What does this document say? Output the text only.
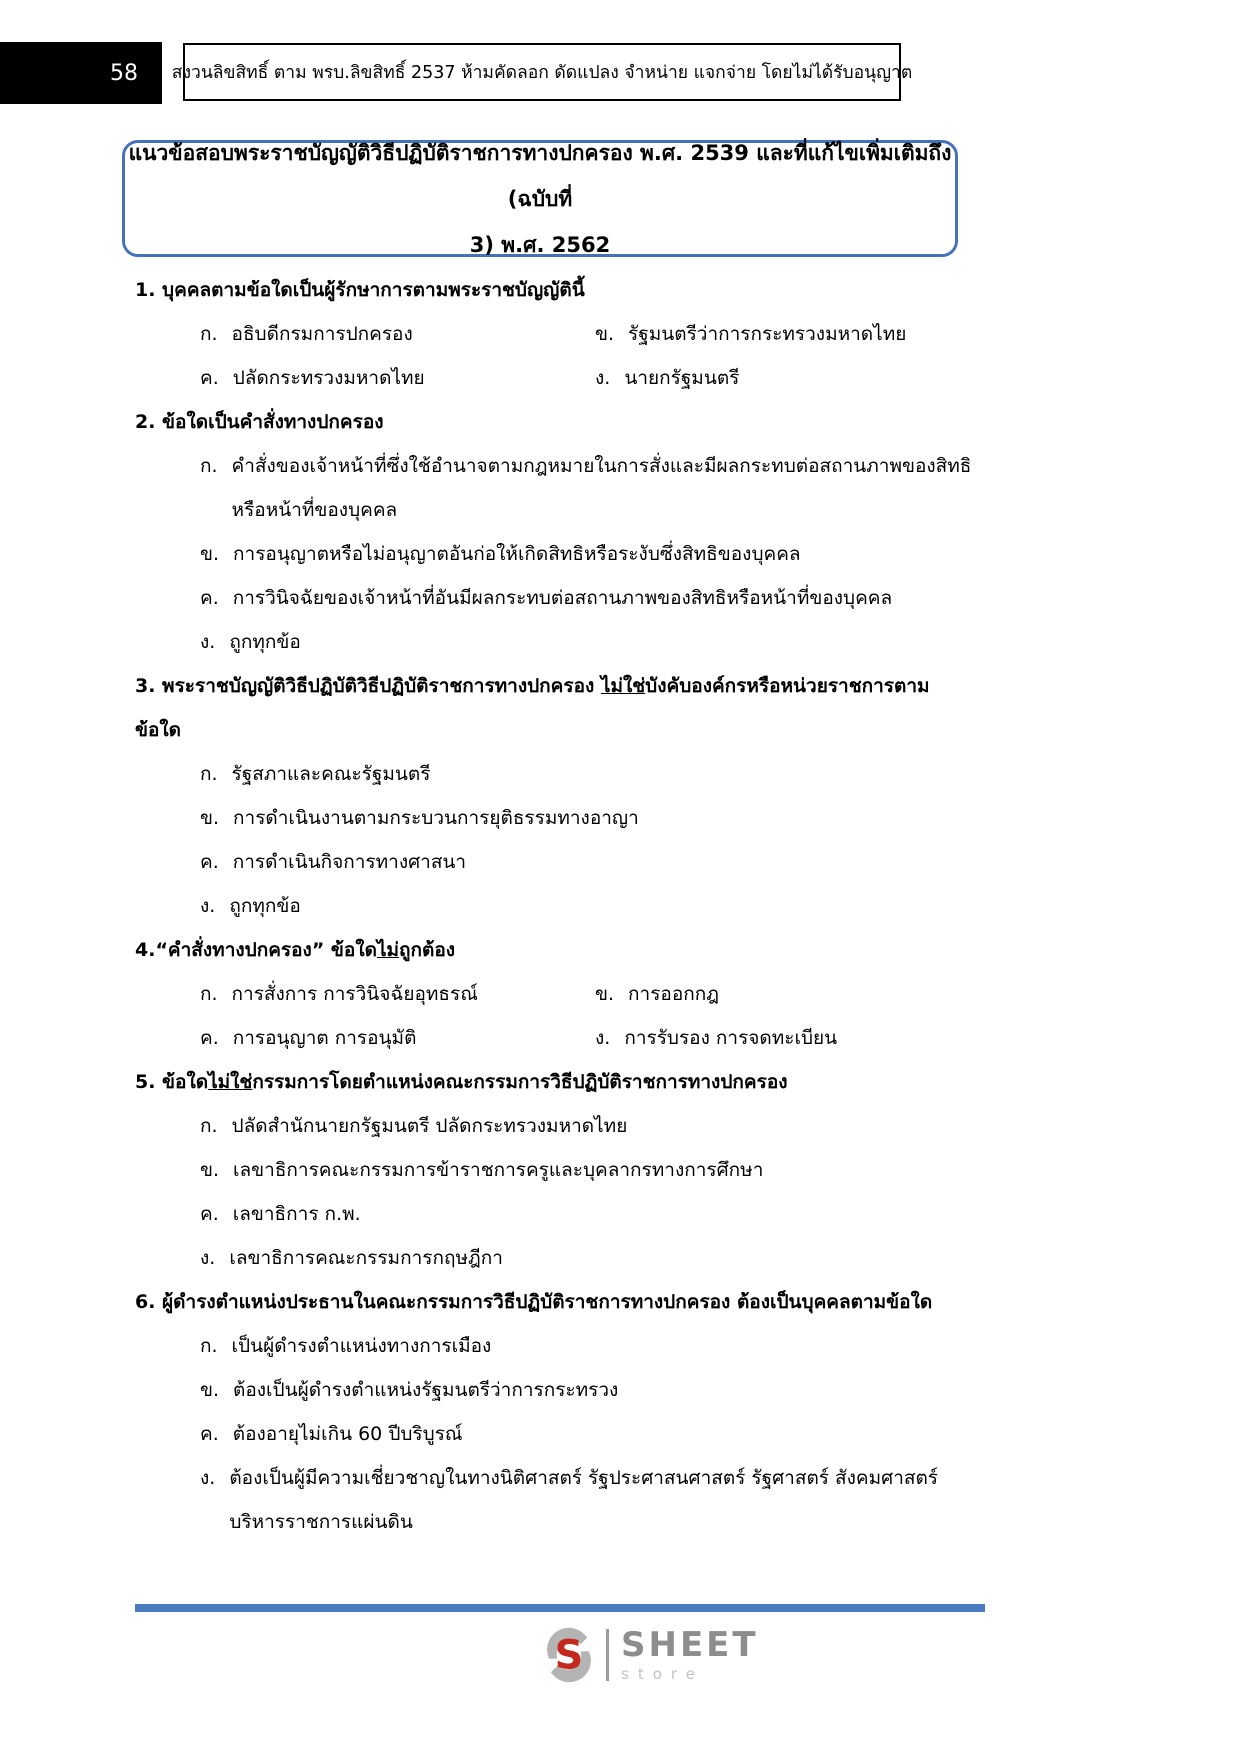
58 สงวนลิขสิทธิ์ ตาม พรบ.ลิขสิทธิ์ 2537 ห้ามคัดลอก ดัดแปลง จำหน่าย แจกจ่าย โดยไม่ได้รับอนุญาต
แนวข้อสอบพระราชบัญญัติวิธีปฏิบัติราชการทางปกครอง พ.ศ. 2539 และที่แก้ไขเพิ่มเติมถึง (ฉบับที่
3) พ.ศ. 2562
1. บุคคลตามข้อใดเป็นผู้รักษาการตามพระราชบัญญัตินี้
ก. อธิบดีกรมการปกครอง	ข. รัฐมนตรีว่าการกระทรวงมหาดไทย
ค. ปลัดกระทรวงมหาดไทย	ง. นายกรัฐมนตรี
2. ข้อใดเป็นคำสั่งทางปกครอง
ก. คำสั่งของเจ้าหน้าที่ซึ่งใช้อำนาจตามกฎหมายในการสั่งและมีผลกระทบต่อสถานภาพของสิทธิ
หรือหน้าที่ของบุคคล
ข. การอนุญาตหรือไม่อนุญาตอันก่อให้เกิดสิทธิหรือระงับซึ่งสิทธิของบุคคล
ค. การวินิจฉัยของเจ้าหน้าที่อันมีผลกระทบต่อสถานภาพของสิทธิหรือหน้าที่ของบุคคล
ง. ถูกทุกข้อ
3. พระราชบัญญัติวิธีปฏิบัติวิธีปฏิบัติราชการทางปกครอง ไม่ใช่บังคับองค์กรหรือหน่วยราชการตาม
ข้อใด
ก. รัฐสภาและคณะรัฐมนตรี
ข. การดำเนินงานตามกระบวนการยุติธรรมทางอาญา
ค. การดำเนินกิจการทางศาสนา
ง. ถูกทุกข้อ
4.“คำสั่งทางปกครอง” ข้อใดไม่ถูกต้อง
ก. การสั่งการ การวินิจฉัยอุทธรณ์	ข. การออกกฎ
ค. การอนุญาต การอนุมัติ	ง. การรับรอง การจดทะเบียน
5. ข้อใดไม่ใช่กรรมการโดยตำแหน่งคณะกรรมการวิธีปฏิบัติราชการทางปกครอง
ก. ปลัดสำนักนายกรัฐมนตรี ปลัดกระทรวงมหาดไทย
ข. เลขาธิการคณะกรรมการข้าราชการครูและบุคลากรทางการศึกษา
ค. เลขาธิการ ก.พ.
ง. เลขาธิการคณะกรรมการกฤษฎีกา
6. ผู้ดำรงตำแหน่งประธานในคณะกรรมการวิธีปฏิบัติราชการทางปกครอง ต้องเป็นบุคคลตามข้อใด
ก. เป็นผู้ดำรงตำแหน่งทางการเมือง
ข. ต้องเป็นผู้ดำรงตำแหน่งรัฐมนตรีว่าการกระทรวง
ค. ต้องอายุไม่เกิน 60 ปีบริบูรณ์
ง. ต้องเป็นผู้มีความเชี่ยวชาญในทางนิติศาสตร์ รัฐประศาสนศาสตร์ รัฐศาสตร์ สังคมศาสตร์
บริหารราชการแผ่นดิน
S SHEET
store
